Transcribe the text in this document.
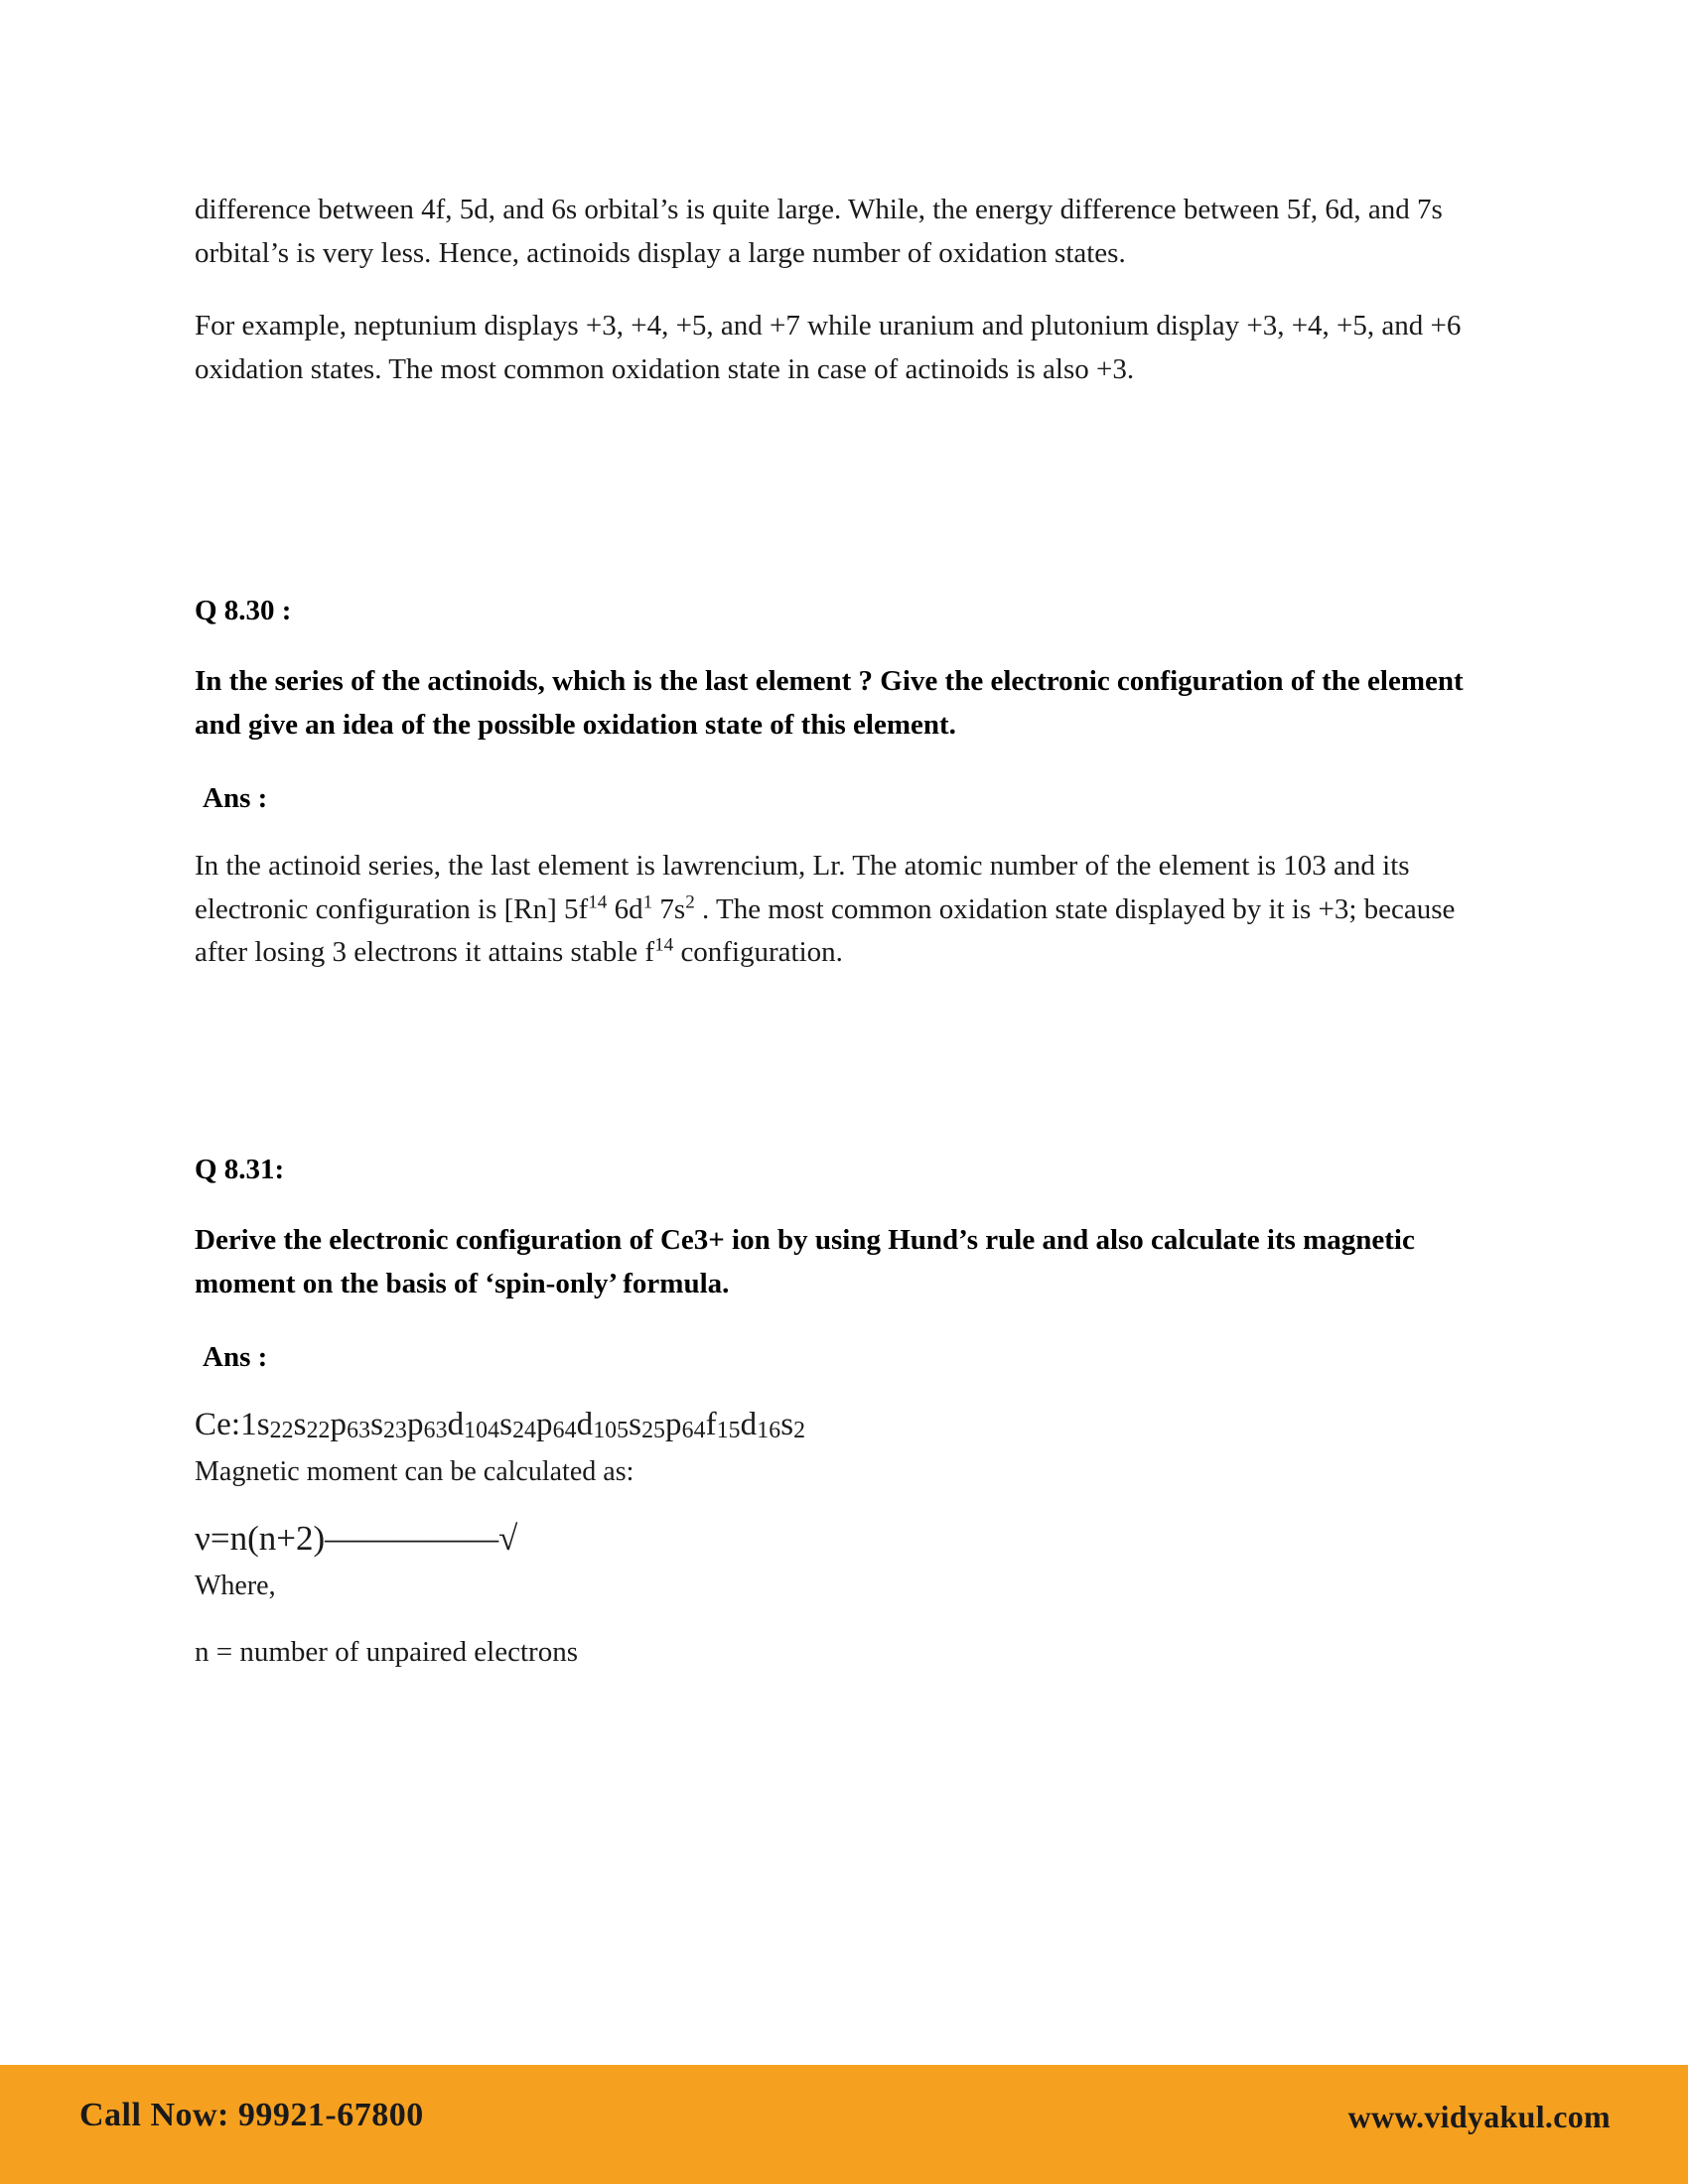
difference between 4f, 5d, and 6s orbital’s is quite large. While, the energy difference between 5f, 6d, and 7s orbital’s is very less. Hence, actinoids display a large number of oxidation states.

For example, neptunium displays +3, +4, +5, and +7 while uranium and plutonium display +3, +4, +5, and +6 oxidation states. The most common oxidation state in case of actinoids is also +3.

Q 8.30 :
In the series of the actinoids, which is the last element ? Give the electronic configuration of the element and give an idea of the possible oxidation state of this element.
Ans :

In the actinoid series, the last element is lawrencium, Lr. The atomic number of the element is 103 and its electronic configuration is [Rn] $5f^{14}$ $6d^1$ $7s^2$ . The most common oxidation state displayed by it is +3; because after losing 3 electrons it attains stable $f^{14}$ configuration.

Q 8.31:
Derive the electronic configuration of Ce3+ ion by using Hund’s rule and also calculate its magnetic moment on the basis of ‘spin-only’ formula.
Ans :
$Ce:1s_{22}s_{22}p_{63}s_{23}p_{63}d_{104}s_{24}p_{64}d_{105}s_{25}p_{64}f_{15}d_{16}s_2$
Magnetic moment can be calculated as:
ν=n(n+2)—————√
Where,

n = number of unpaired electrons

Call Now: 99921-67800	www.vidyakul.com
